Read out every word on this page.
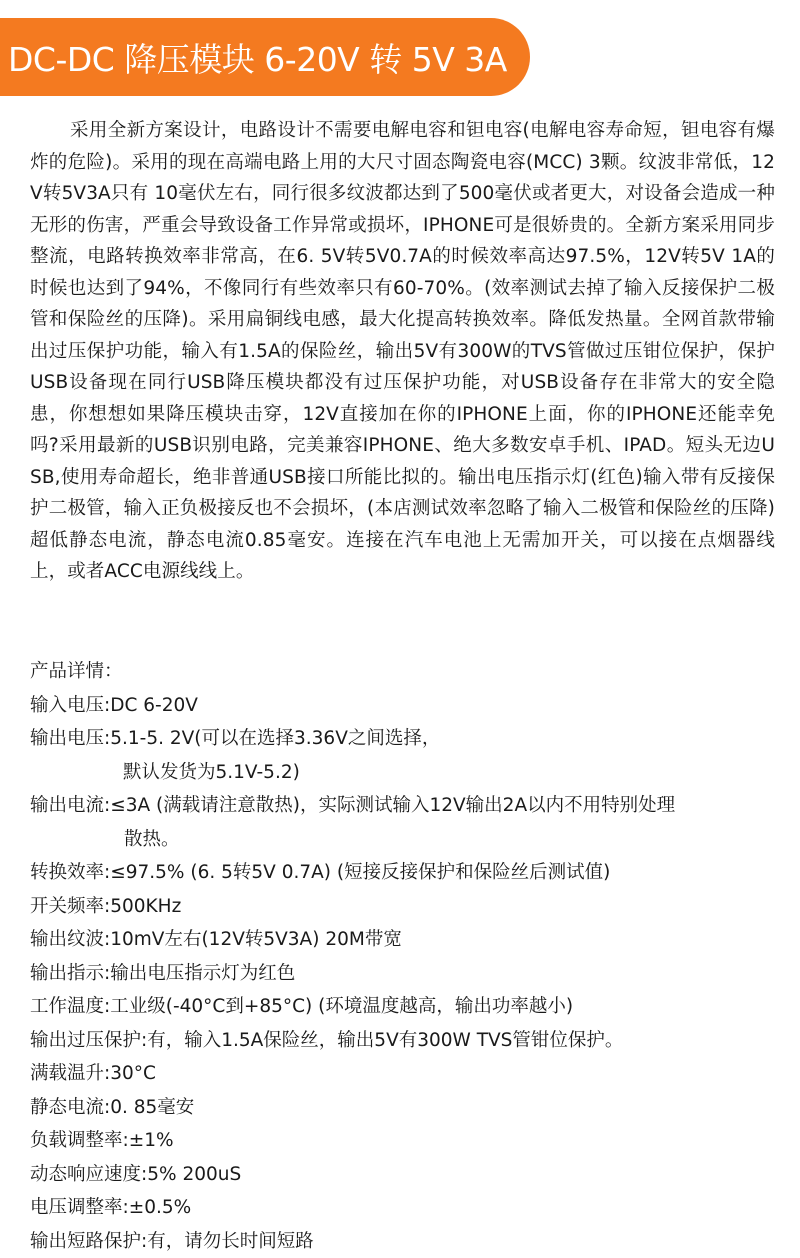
DC-DC 降压模块 6-20V 转 5V 3A

采用全新方案设计，电路设计不需要电解电容和钽电容(电解电容寿命短，钽电容有爆炸的危险)。采用的现在高端电路上用的大尺寸固态陶瓷电容(MCC) 3颗。纹波非常低，12V转5V3A只有 10毫伏左右，同行很多纹波都达到了500毫伏或者更大，对设备会造成一种无形的伤害，严重会导致设备工作异常或损坏，IPHONE可是很娇贵的。全新方案采用同步整流，电路转换效率非常高，在6. 5V转5V0.7A的时候效率高达97.5%，12V转5V 1A的时候也达到了94%，不像同行有些效率只有60-70%。(效率测试去掉了输入反接保护二极管和保险丝的压降)。采用扁铜线电感，最大化提高转换效率。降低发热量。全网首款带输出过压保护功能，输入有1.5A的保险丝，输出5V有300W的TVS管做过压钳位保护，保护USB设备现在同行USB降压模块都没有过压保护功能，对USB设备存在非常大的安全隐患，你想想如果降压模块击穿，12V直接加在你的IPHONE上面，你的IPHONE还能幸免吗?采用最新的USB识别电路，完美兼容IPHONE、绝大多数安卓手机、IPAD。短头无边USB,使用寿命超长，绝非普通USB接口所能比拟的。输出电压指示灯(红色)输入带有反接保护二极管，输入正负极接反也不会损坏，(本店测试效率忽略了输入二极管和保险丝的压降)超低静态电流，静态电流0.85毫安。连接在汽车电池上无需加开关，可以接在点烟器线上，或者ACC电源线线上。

产品详情：
输入电压: DC 6-20V
输出电压: 5.1-5. 2V(可以在选择3.36V之间选择，
默认发货为5.1V-5.2)
输出电流: ≤3A (满载请注意散热)，实际测试输入12V输出2A以内不用特别处理
散热。
转换效率: ≤97.5% (6. 5转5V 0.7A) (短接反接保护和保险丝后测试值)
开关频率: 500KHz
输出纹波: 10mV左右(12V转5V3A) 20M带宽
输出指示: 输出电压指示灯为红色
工作温度: 工业级(-40°C到+85°C) (环境温度越高，输出功率越小)
输出过压保护: 有，输入1.5A保险丝，输出5V有300W TVS管钳位保护。
满载温升: 30°C
静态电流: 0. 85毫安
负载调整率: ±1%
动态响应速度: 5% 200uS
电压调整率: ±0.5%
输出短路保护: 有，请勿长时间短路
